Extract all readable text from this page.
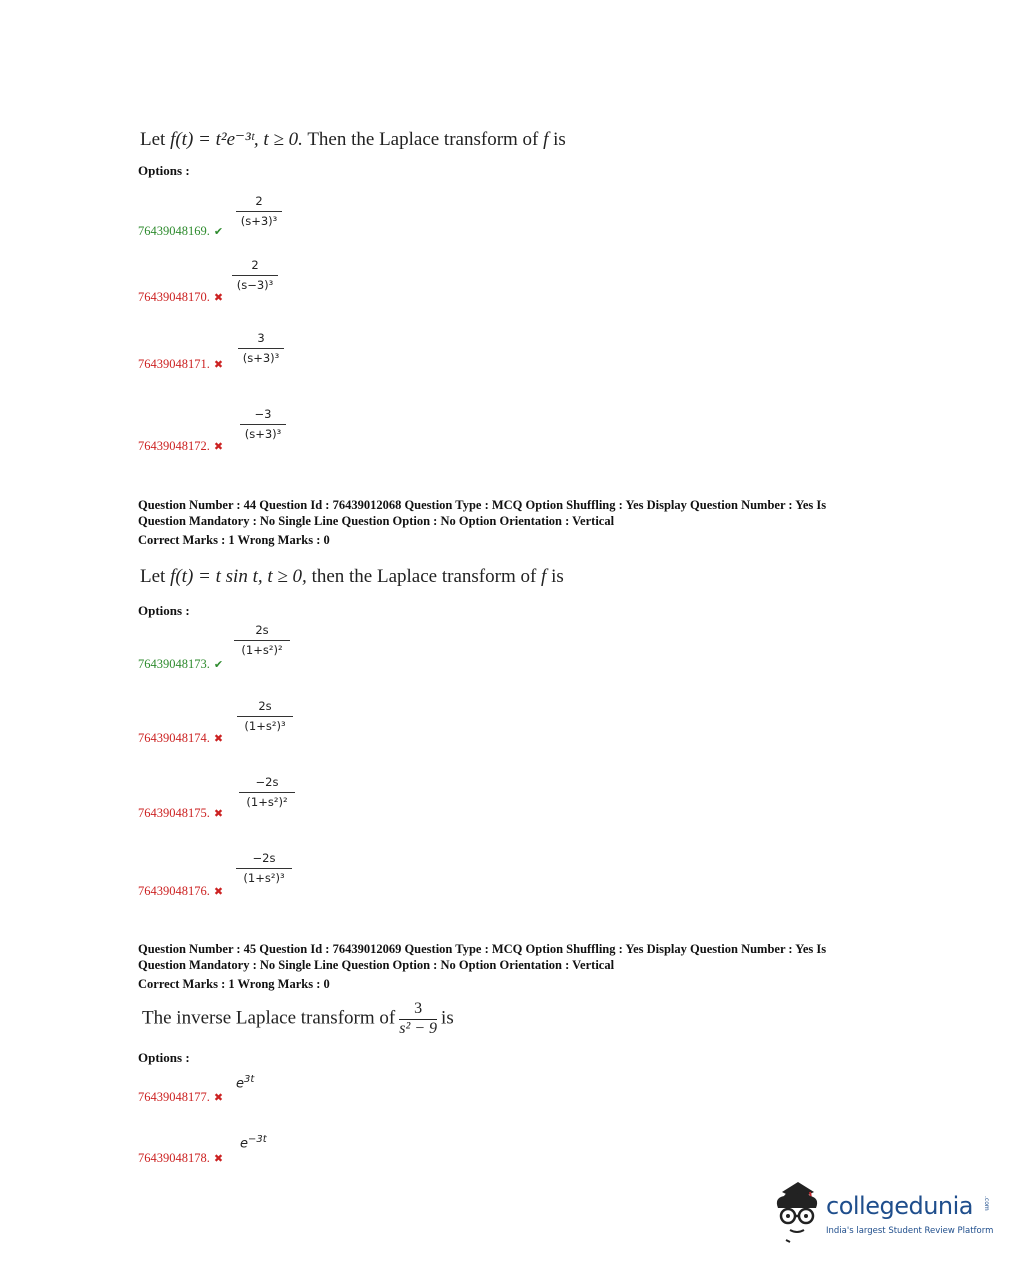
Let f(t) = t²e⁻³ᵗ, t ≥ 0. Then the Laplace transform of f is
Options :
$\frac{2}{\text{(s+3)³}}$
76439048169. ✔
$\frac{2}{\text{(s−3)³}}$
76439048170. ✖
$\frac{3}{\text{(s+3)³}}$
76439048171. ✖
$\frac{-3}{\text{(s+3)³}}$
76439048172. ✖
Question Number : 44 Question Id : 76439012068 Question Type : MCQ Option Shuffling : Yes Display Question Number : Yes Is
Question Mandatory : No Single Line Question Option : No Option Orientation : Vertical
Correct Marks : 1 Wrong Marks : 0
Let f(t) = t sin t, t ≥ 0, then the Laplace transform of f is
Options :
$\frac{2s}{\text{(1+s²)²}}$
76439048173. ✔
$\frac{2s}{\text{(1+s²)³}}$
76439048174. ✖
$\frac{-2s}{\text{(1+s²)²}}$
76439048175. ✖
$\frac{-2s}{\text{(1+s²)³}}$
76439048176. ✖
Question Number : 45 Question Id : 76439012069 Question Type : MCQ Option Shuffling : Yes Display Question Number : Yes Is
Question Mandatory : No Single Line Question Option : No Option Orientation : Vertical
Correct Marks : 1 Wrong Marks : 0
The inverse Laplace transform of $\frac{3}{\text{s² − 9}}$ is
Options :
$e^{3t}$
76439048177. ✖
$e^{-3t}$
76439048178. ✖
collegedunia .com
India's largest Student Review Platform
